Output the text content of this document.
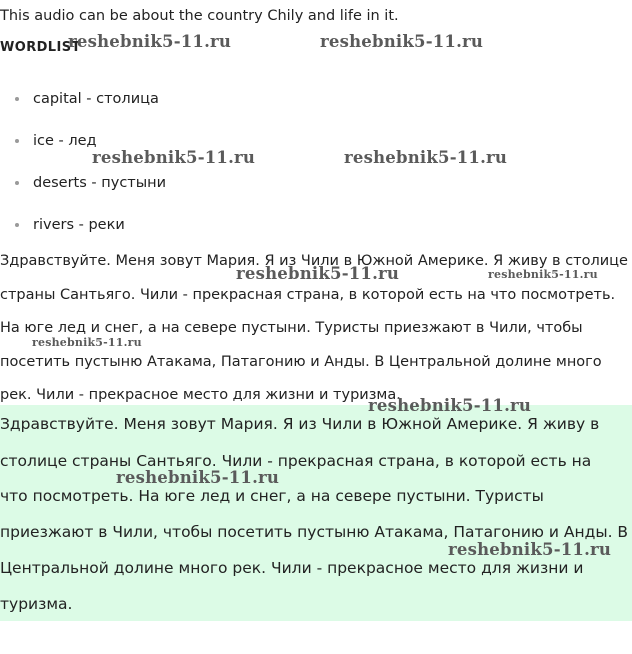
This audio can be about the country Chily and life in it.
WORDLIST
capital - столица
ice - лед
deserts - пустыни
rivers - реки

Здравствуйте. Меня зовут Мария. Я из Чили в Южной Америке. Я живу в столице
страны Сантьяго. Чили - прекрасная страна, в которой есть на что посмотреть.
На юге лед и снег, а на севере пустыни. Туристы приезжают в Чили, чтобы
посетить пустыню Атакама, Патагонию и Анды. В Центральной долине много
рек. Чили - прекрасное место для жизни и туризма.

Здравствуйте. Меня зовут Мария. Я из Чили в Южной Америке. Я живу в
столице страны Сантьяго. Чили - прекрасная страна, в которой есть на
что посмотреть. На юге лед и снег, а на севере пустыни. Туристы
приезжают в Чили, чтобы посетить пустыню Атакама, Патагонию и Анды. В
Центральной долине много рек. Чили - прекрасное место для жизни и
туризма.
reshebnik5-11.ru	reshebnik5-11.ru
reshebnik5-11.ru	reshebnik5-11.ru
reshebnik5-11.ru	reshebnik5-11.ru
reshebnik5-11.ru
reshebnik5-11.ru
reshebnik5-11.ru
reshebnik5-11.ru
